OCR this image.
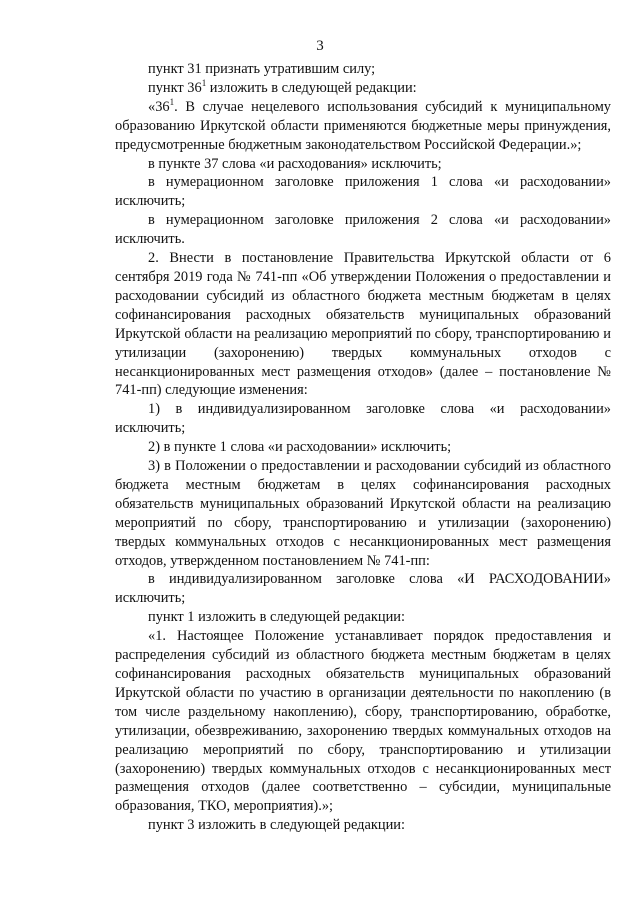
3

пункт 31 признать утратившим силу;

пункт $36^1$ изложить в следующей редакции:

«$36^1$. В случае нецелевого использования субсидий к муниципальному образованию Иркутской области применяются бюджетные меры принуждения, предусмотренные бюджетным законодательством Российской Федерации.»;

в пункте 37 слова «и расходования» исключить;

в нумерационном заголовке приложения 1 слова «и расходовании» исключить;

в нумерационном заголовке приложения 2 слова «и расходовании» исключить.

2. Внести в постановление Правительства Иркутской области от 6 сентября 2019 года № 741-пп «Об утверждении Положения о предоставлении и расходовании субсидий из областного бюджета местным бюджетам в целях софинансирования расходных обязательств муниципальных образований Иркутской области на реализацию мероприятий по сбору, транспортированию и утилизации (захоронению) твердых коммунальных отходов с несанкционированных мест размещения отходов» (далее – постановление № 741-пп) следующие изменения:

1) в индивидуализированном заголовке слова «и расходовании» исключить;

2) в пункте 1 слова «и расходовании» исключить;

3) в Положении о предоставлении и расходовании субсидий из областного бюджета местным бюджетам в целях софинансирования расходных обязательств муниципальных образований Иркутской области на реализацию мероприятий по сбору, транспортированию и утилизации (захоронению) твердых коммунальных отходов с несанкционированных мест размещения отходов, утвержденном постановлением № 741-пп:

в индивидуализированном заголовке слова «И РАСХОДОВАНИИ» исключить;

пункт 1 изложить в следующей редакции:

«1. Настоящее Положение устанавливает порядок предоставления и распределения субсидий из областного бюджета местным бюджетам в целях софинансирования расходных обязательств муниципальных образований Иркутской области по участию в организации деятельности по накоплению (в том числе раздельному накоплению), сбору, транспортированию, обработке, утилизации, обезвреживанию, захоронению твердых коммунальных отходов на реализацию мероприятий по сбору, транспортированию и утилизации (захоронению) твердых коммунальных отходов с несанкционированных мест размещения отходов (далее соответственно – субсидии, муниципальные образования, ТКО, мероприятия).»;

пункт 3 изложить в следующей редакции:
